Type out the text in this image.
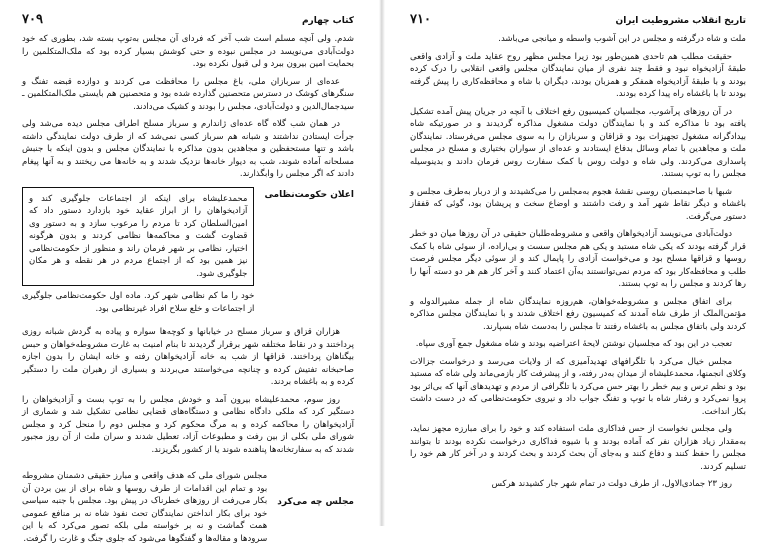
کتاب چهارم
۷۰۹

شدم. ولی آنچه مسلم است شب آخر که فردای آن مجلس به‌توپ بسته شد، بطوری که خود دولت‌آبادی می‌نویسد در مجلس نبوده و حتی کوشش بسیار کرده بود که ملک‌المتکلمین را بحمایت امین بیرون ببرد و لی قبول نکرده بود.

عده‌ای از سربازان ملی، باغ مجلس را محافظت می کردند و دوازده قبضه تفنگ و سنگرهای کوشک در دسترس متحصنین گذارده شده بود و متحصنین هم بایستی ملک‌المتکلمین ـ سید‌جمال‌الدین و دولت‌آبادی، مجلس را بودند و کشیک می‌دادند.

در همان شب گلاه گاه عده‌ای ژاندارم و سرباز مسلح اطراف مجلس دیده می‌شد ولی جرأت ایستادن نداشتند و شبانه هم سرباز کسی نمی‌شد که از طرف دولت نمایندگی داشته باشد و تنها مستحفظین و مجاهدین بدون مذاکره با نمایندگان مجلس و بدون اینکه با جنبش مسلحانه آماده شوند، شب به دیوار خانه‌ها نزدیک شدند و به خانه‌ها می ریختند و به آنها پیغام دادند که اگر مجلس را وابگذارند.

اعلان حکومت‌نظامی

محمدعلیشاه برای اینکه از اجتماعات جلوگیری کند و آزادیخواهان را از ابراز عقاید خود بازدارد دستور داد که امین‌السلطان کرد تا مردم را مرعوب سازد و به دستور وی قضاوت گشت و محاکمه‌ها نظامی کردند و بدون هرگونه اختیار، نظامی بر شهر فرمان راند و منظور از حکومت‌نظامی نیز همین بود که از اجتماع مردم در هر نقطه و هر مکان جلوگیری شود.

خود را ما کم نظامی شهر کرد. ماده اول حکومت‌نظامی جلوگیری از اجتماعات و خلع سلاح افراد غیرنظامی بود.

هزاران قزاق و سرباز مسلح در خیابانها و کوچه‌ها سواره و پیاده به گردش شبانه روزی پرداختند و در نقاط مختلفه شهر برقرار گردیدند تا بنام امنیت به غارت مشروطه‌خواهان و حبس بیگناهان پرداختند. قزاقها از شب به خانه آزادیخواهان رفته و خانه ایشان را بدون اجازه صاحبخانه تفتیش کرده و چنانچه می‌خواستند می‌بردند و بسیاری از رهبران ملت را دستگیر کرده و به باغشاه بردند.

روز سوم، محمدعلیشاه بیرون آمد و خودش مجلس را به توپ بست و آزادیخواهان را دستگیر کرد که ملکی دادگاه نظامی و دستگاه‌های قضایی نظامی تشکیل شد و شماری از آزادیخواهان را محاکمه کرده و به مرگ محکوم کرد و مجلس دوم را منحل کرد و مجلس شورای ملی بکلی از بین رفت و مطبوعات آزاد، تعطیل شدند و سران ملت از آن روز مجبور شدند که به سفارتخانه‌ها پناهنده شوند یا از کشور بگریزند.

مجلس چه می‌کرد

مجلس شورای ملی که هدف واقعی و مبارز حقیقی دشمنان مشروطه بود و تمام این اقدامات از طرف روسها و شاه برای از بین بردن آن بکار می‌رفت از روزهای خطرناک در پیش بود. مجلس با جنبه سیاسی خود برای بکار انداختن نمایندگان تحت نفوذ شاه نه بر منافع عمومی همت گماشت و نه بر خواسته ملی بلکه تصور می‌کرد که با این سرودها و مقاله‌ها و گفتگوها می‌شود که جلوی جنگ و غارت را گرفت.

تاریخ انقلاب مشروطیت ایران
۷۱۰

ملت و شاه درگرفته و مجلس در این آشوب واسطه و میانجی می‌باشد.

حقیقت مطلب هم تاحدی همین‌طور بود زیرا مجلس مظهر روح عقاید ملت و آزادی واقعی طبقهٔ آزادیخواه نبود و فقط چند نفری از میان نمایندگان مجلس واقعی انقلابی را درک کرده بودند و با طبقهٔ آزادیخواه همفکر و همزبان بودند، دیگران با شاه و محافظه‌کاری را پیش گرفته بودند تا با باغشاه راه پیدا کرده بودند.

در آن روزهای پرآشوب، مجلسیان کمیسیون رفع اختلاف با آنچه در جریان پیش آمده تشکیل یافته بود تا مذاکره کند و با نمایندگان دولت مشغول مذاکره گردیدند و در صورتیکه شاه بیدادگرانه مشغول تجهیزات بود و قزاقان و سربازان را به سوی مجلس می‌فرستاد. نمایندگان ملت و مجاهدین با تمام وسائل بدفاع ایستادند و عده‌ای از سواران بختیاری و مسلح در مجلس پاسداری می‌کردند. ولی شاه و دولت روس با کمک سفارت روس فرمان دادند و بدینوسیله مجلس را به توپ بستند.

شبها با صاحبمنصبان روسی نقشهٔ هجوم به‌مجلس را می‌کشیدند و از دربار به‌طرف مجلس و باغشاه و دیگر نقاط شهر آمد و رفت داشتند و اوضاع سخت و پریشان بود، گوئی که قفقاز دستور می‌گرفت.

دولت‌آبادی می‌نویسد آزادیخواهان واقعی و مشروطه‌طلبان حقیقی در آن روزها میان دو خطر قرار گرفته بودند که یکی شاه مستبد و یکی هم مجلس سست و بی‌اراده، از سوئی شاه با کمک روسها و قزاقها مسلح بود و می‌خواست آزادی را پایمال کند و از سوئی دیگر مجلس فرصت طلب و محافظه‌کار بود که مردم نمی‌توانستند به‌آن اعتماد کنند و آخر کار هم هر دو دسته آنها را رها کردند و مجلس را به توپ بستند.

برای اتفاق مجلس و مشروطه‌خواهان، هم‌روزه نمایندگان شاه از جمله مشیرالدوله و مؤتمن‌الملک از طرف شاه آمدند که کمیسیون رفع اختلاف شدند و با نمایندگان مجلس مذاکره کردند ولی باتفاق مجلس به باغشاه رفتند تا مجلس را به‌دست شاه بسپارند.

تعجب در این بود که مجلسیان نوشتن لایحهٔ اعتراضیه بودند و شاه مشغول جمع آوری سپاه.

مجلس خیال می‌کرد با تلگرافهای تهدیدآمیزی که از ولایات می‌رسد و درخواست جزالات وکلای انجمنها، محمدعلیشاه از میدان به‌در رفته، و از پیشرفت کار بازمی‌ماند ولی شاه که مستبد بود و نظم ترس و بیم خطر را بهتر حس می‌کرد با تلگرافی از مردم و تهدیدهای آنها که بی‌اثر بود پروا نمی‌کرد و رفتار شاه با توپ و تفنگ جواب داد و نیروی حکومت‌نظامی که در دست داشت بکار انداخت.

ولی مجلس نخواست از حس فداکاری ملت استفاده کند و خود را برای مبارزه مجهز نماید، به‌مقدار زیاد هزاران نفر که آماده بودند و با شیوه فداکاری درخواست نکرده بودند تا بتوانند مجلس را حفظ کنند و دفاع کنند و به‌جای آن بحث کردند و بحث کردند و در آخر کار هم خود را تسلیم کردند.

روز ۲۳ جمادی‌الاول، از طرف دولت در تمام شهر جار کشیدند هرکس
